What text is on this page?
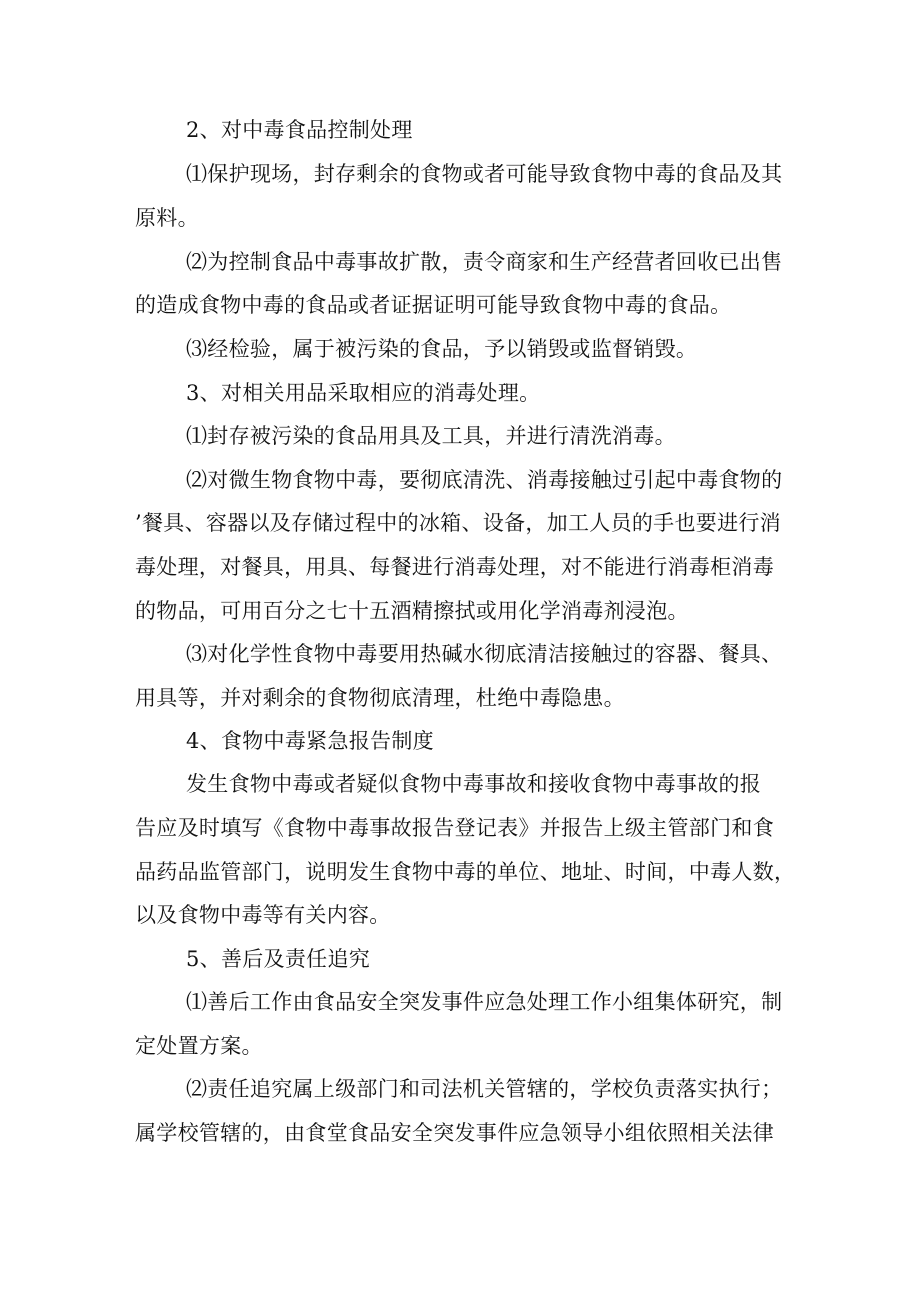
2、对中毒食品控制处理
⑴保护现场，封存剩余的食物或者可能导致食物中毒的食品及其
原料。
⑵为控制食品中毒事故扩散，责令商家和生产经营者回收已出售
的造成食物中毒的食品或者证据证明可能导致食物中毒的食品。
⑶经检验，属于被污染的食品，予以销毁或监督销毁。
3、对相关用品采取相应的消毒处理。
⑴封存被污染的食品用具及工具，并进行清洗消毒。
⑵对微生物食物中毒，要彻底清洗、消毒接触过引起中毒食物的
’餐具、容器以及存储过程中的冰箱、设备，加工人员的手也要进行消
毒处理，对餐具，用具、每餐进行消毒处理，对不能进行消毒柜消毒
的物品，可用百分之七十五酒精擦拭或用化学消毒剂浸泡。
⑶对化学性食物中毒要用热碱水彻底清洁接触过的容器、餐具、
用具等，并对剩余的食物彻底清理，杜绝中毒隐患。
4、食物中毒紧急报告制度
发生食物中毒或者疑似食物中毒事故和接收食物中毒事故的报
告应及时填写《食物中毒事故报告登记表》并报告上级主管部门和食
品药品监管部门，说明发生食物中毒的单位、地址、时间，中毒人数，
以及食物中毒等有关内容。
5、善后及责任追究
⑴善后工作由食品安全突发事件应急处理工作小组集体研究，制
定处置方案。
⑵责任追究属上级部门和司法机关管辖的，学校负责落实执行；
属学校管辖的，由食堂食品安全突发事件应急领导小组依照相关法律
